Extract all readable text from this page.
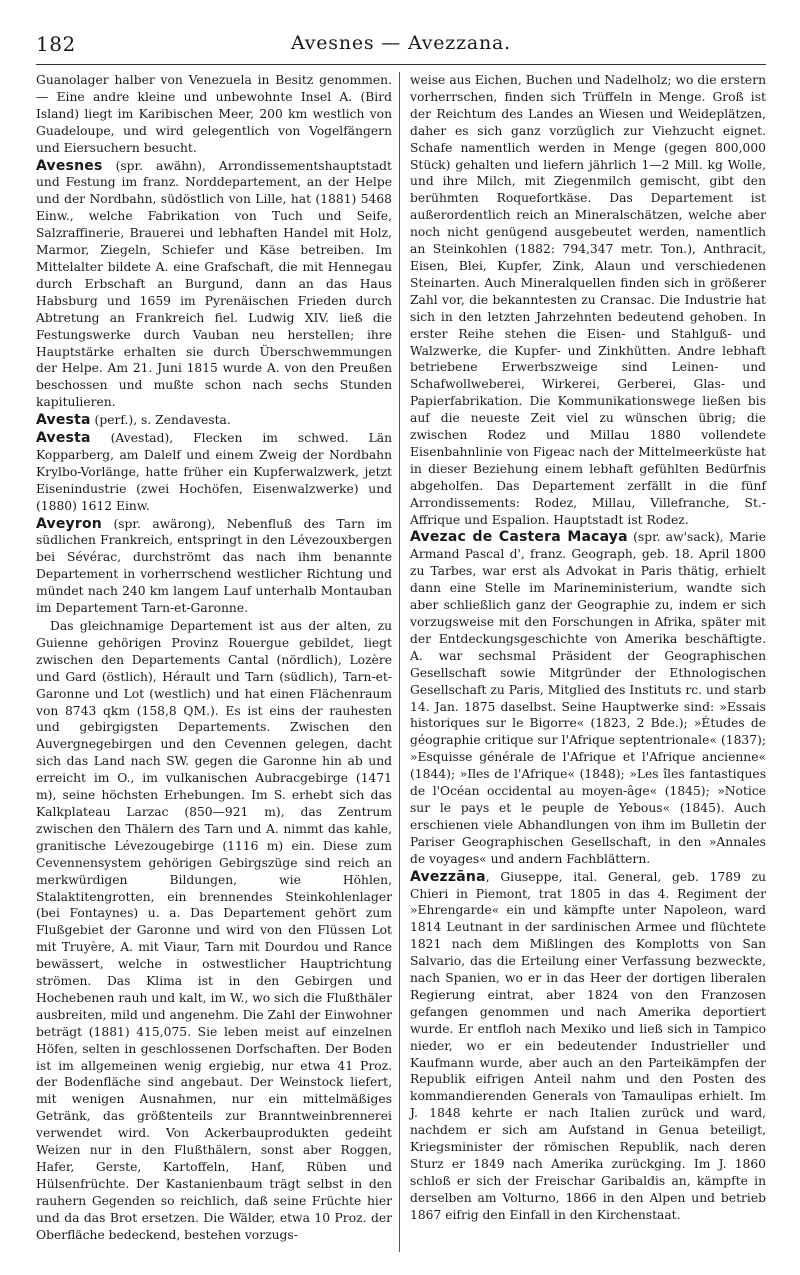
182	Avesnes — Avezzana.

Guanolager halber von Venezuela in Besitz genommen. — Eine andre kleine und unbewohnte Insel A. (Bird Island) liegt im Karibischen Meer, 200 km westlich von Guadeloupe, und wird gelegentlich von Vogelfängern und Eiersuchern besucht.

Avesnes (spr. awähn), Arrondissementshauptstadt und Festung im franz. Norddepartement, an der Helpe und der Nordbahn, südöstlich von Lille, hat (1881) 5468 Einw., welche Fabrikation von Tuch und Seife, Salzraffinerie, Brauerei und lebhaften Handel mit Holz, Marmor, Ziegeln, Schiefer und Käse betreiben. Im Mittelalter bildete A. eine Grafschaft, die mit Hennegau durch Erbschaft an Burgund, dann an das Haus Habsburg und 1659 im Pyrenäischen Frieden durch Abtretung an Frankreich fiel. Ludwig XIV. ließ die Festungswerke durch Vauban neu herstellen; ihre Hauptstärke erhalten sie durch Überschwemmungen der Helpe. Am 21. Juni 1815 wurde A. von den Preußen beschossen und mußte schon nach sechs Stunden kapitulieren.

Avesta (perf.), s. Zendavesta.

Avesta (Avestad), Flecken im schwed. Län Kopparberg, am Dalelf und einem Zweig der Nordbahn Krylbo-Vorlänge, hatte früher ein Kupferwalzwerk, jetzt Eisenindustrie (zwei Hochöfen, Eisenwalzwerke) und (1880) 1612 Einw.

Aveyron (spr. awärong), Nebenfluß des Tarn im südlichen Frankreich, entspringt in den Lévezouxbergen bei Sévérac, durchströmt das nach ihm benannte Departement in vorherrschend westlicher Richtung und mündet nach 240 km langem Lauf unterhalb Montauban im Departement Tarn-et-Garonne.

Das gleichnamige Departement ist aus der alten, zu Guienne gehörigen Provinz Rouergue gebildet, liegt zwischen den Departements Cantal (nördlich), Lozère und Gard (östlich), Hérault und Tarn (südlich), Tarn-et-Garonne und Lot (westlich) und hat einen Flächenraum von 8743 qkm (158,8 QM.). Es ist eins der rauhesten und gebirgigsten Departements. Zwischen den Auvergnegebirgen und den Cevennen gelegen, dacht sich das Land nach SW. gegen die Garonne hin ab und erreicht im O., im vulkanischen Aubracgebirge (1471 m), seine höchsten Erhebungen. Im S. erhebt sich das Kalkplateau Larzac (850—921 m), das Zentrum zwischen den Thälern des Tarn und A. nimmt das kahle, granitische Lévezougebirge (1116 m) ein. Diese zum Cevennensystem gehörigen Gebirgszüge sind reich an merkwürdigen Bildungen, wie Höhlen, Stalaktitengrotten, ein brennendes Steinkohlenlager (bei Fontaynes) u. a. Das Departement gehört zum Flußgebiet der Garonne und wird von den Flüssen Lot mit Truyère, A. mit Viaur, Tarn mit Dourdou und Rance bewässert, welche in ostwestlicher Hauptrichtung strömen. Das Klima ist in den Gebirgen und Hochebenen rauh und kalt, im W., wo sich die Flußthäler ausbreiten, mild und angenehm. Die Zahl der Einwohner beträgt (1881) 415,075. Sie leben meist auf einzelnen Höfen, selten in geschlossenen Dorfschaften. Der Boden ist im allgemeinen wenig ergiebig, nur etwa 41 Proz. der Bodenfläche sind angebaut. Der Weinstock liefert, mit wenigen Ausnahmen, nur ein mittelmäßiges Getränk, das größtenteils zur Branntweinbrennerei verwendet wird. Von Ackerbauprodukten gedeiht Weizen nur in den Flußthälern, sonst aber Roggen, Hafer, Gerste, Kartoffeln, Hanf, Rüben und Hülsenfrüchte. Der Kastanienbaum trägt selbst in den rauhern Gegenden so reichlich, daß seine Früchte hier und da das Brot ersetzen. Die Wälder, etwa 10 Proz. der Oberfläche bedeckend, bestehen vorzugs-

weise aus Eichen, Buchen und Nadelholz; wo die erstern vorherrschen, finden sich Trüffeln in Menge. Groß ist der Reichtum des Landes an Wiesen und Weideplätzen, daher es sich ganz vorzüglich zur Viehzucht eignet. Schafe namentlich werden in Menge (gegen 800,000 Stück) gehalten und liefern jährlich 1—2 Mill. kg Wolle, und ihre Milch, mit Ziegenmilch gemischt, gibt den berühmten Roquefortkäse. Das Departement ist außerordentlich reich an Mineralschätzen, welche aber noch nicht genügend ausgebeutet werden, namentlich an Steinkohlen (1882: 794,347 metr. Ton.), Anthracit, Eisen, Blei, Kupfer, Zink, Alaun und verschiedenen Steinarten. Auch Mineralquellen finden sich in größerer Zahl vor, die bekanntesten zu Cransac. Die Industrie hat sich in den letzten Jahrzehnten bedeutend gehoben. In erster Reihe stehen die Eisen- und Stahlguß- und Walzwerke, die Kupfer- und Zinkhütten. Andre lebhaft betriebene Erwerbszweige sind Leinen- und Schafwollweberei, Wirkerei, Gerberei, Glas- und Papierfabrikation. Die Kommunikationswege ließen bis auf die neueste Zeit viel zu wünschen übrig; die zwischen Rodez und Millau 1880 vollendete Eisenbahnlinie von Figeac nach der Mittelmeerküste hat in dieser Beziehung einem lebhaft gefühlten Bedürfnis abgeholfen. Das Departement zerfällt in die fünf Arrondissements: Rodez, Millau, Villefranche, St.-Affrique und Espalion. Hauptstadt ist Rodez.

Avezac de Castera Macaya (spr. aw'sack), Marie Armand Pascal d', franz. Geograph, geb. 18. April 1800 zu Tarbes, war erst als Advokat in Paris thätig, erhielt dann eine Stelle im Marineministerium, wandte sich aber schließlich ganz der Geographie zu, indem er sich vorzugsweise mit den Forschungen in Afrika, später mit der Entdeckungsgeschichte von Amerika beschäftigte. A. war sechsmal Präsident der Geographischen Gesellschaft sowie Mitgründer der Ethnologischen Gesellschaft zu Paris, Mitglied des Instituts rc. und starb 14. Jan. 1875 daselbst. Seine Hauptwerke sind: »Essais historiques sur le Bigorre« (1823, 2 Bde.); »Études de géographie critique sur l'Afrique septentrionale« (1837); »Esquisse générale de l'Afrique et l'Afrique ancienne« (1844); »Iles de l'Afrique« (1848); »Les îles fantastiques de l'Océan occidental au moyen-âge« (1845); »Notice sur le pays et le peuple de Yebous« (1845). Auch erschienen viele Abhandlungen von ihm im Bulletin der Pariser Geographischen Gesellschaft, in den »Annales de voyages« und andern Fachblättern.

Avezzāna, Giuseppe, ital. General, geb. 1789 zu Chieri in Piemont, trat 1805 in das 4. Regiment der »Ehrengarde« ein und kämpfte unter Napoleon, ward 1814 Leutnant in der sardinischen Armee und flüchtete 1821 nach dem Mißlingen des Komplotts von San Salvario, das die Erteilung einer Verfassung bezweckte, nach Spanien, wo er in das Heer der dortigen liberalen Regierung eintrat, aber 1824 von den Franzosen gefangen genommen und nach Amerika deportiert wurde. Er entfloh nach Mexiko und ließ sich in Tampico nieder, wo er ein bedeutender Industrieller und Kaufmann wurde, aber auch an den Parteikämpfen der Republik eifrigen Anteil nahm und den Posten des kommandierenden Generals von Tamaulipas erhielt. Im J. 1848 kehrte er nach Italien zurück und ward, nachdem er sich am Aufstand in Genua beteiligt, Kriegsminister der römischen Republik, nach deren Sturz er 1849 nach Amerika zurückging. Im J. 1860 schloß er sich der Freischar Garibaldis an, kämpfte in derselben am Volturno, 1866 in den Alpen und betrieb 1867 eifrig den Einfall in den Kirchenstaat.
